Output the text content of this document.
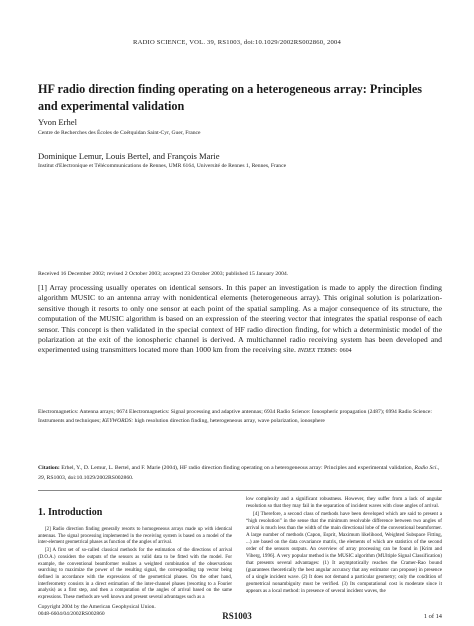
RADIO SCIENCE, VOL. 39, RS1003, doi:10.1029/2002RS002860, 2004
HF radio direction finding operating on a heterogeneous array: Principles and experimental validation
Yvon Erhel
Centre de Recherches des Écoles de Coëtquidan Saint-Cyr, Guer, France
Dominique Lemur, Louis Bertel, and François Marie
Institut d'Electronique et Télécommunications de Rennes, UMR 6164, Université de Rennes 1, Rennes, France
Received 16 December 2002; revised 2 October 2003; accepted 23 October 2003; published 15 January 2004.
[1] Array processing usually operates on identical sensors. In this paper an investigation is made to apply the direction finding algorithm MUSIC to an antenna array with nonidentical elements (heterogeneous array). This original solution is polarization-sensitive though it resorts to only one sensor at each point of the spatial sampling. As a major consequence of its structure, the computation of the MUSIC algorithm is based on an expression of the steering vector that integrates the spatial response of each sensor. This concept is then validated in the special context of HF radio direction finding, for which a deterministic model of the polarization at the exit of the ionospheric channel is derived. A multichannel radio receiving system has been developed and experimented using transmitters located more than 1000 km from the receiving site. INDEX TERMS: 0604
Electromagnetics: Antenna arrays; 0674 Electromagnetics: Signal processing and adaptive antennas; 6934 Radio Science: Ionospheric propagation (2487); 6994 Radio Science: Instruments and techniques; KEYWORDS: high resolution direction finding, heterogeneous array, wave polarization, ionosphere
Citation: Erhel, Y., D. Lemur, L. Bertel, and F. Marie (2004), HF radio direction finding operating on a heterogeneous array: Principles and experimental validation, Radio Sci., 39, RS1003, doi:10.1029/2002RS002860.
1. Introduction

[2] Radio direction finding generally resorts to homogeneous arrays made up with identical antennas. The signal processing implemented in the receiving system is based on a model of the inter-element geometrical phases as function of the angles of arrival.

[3] A first set of so-called classical methods for the estimation of the directions of arrival (D.O.A.) considers the outputs of the sensors as valid data to be fitted with the model. For example, the conventional beamformer realizes a weighted combination of the observations searching to maximize the power of the resulting signal, the corresponding tap vector being defined in accordance with the expressions of the geometrical phases. On the other hand, interferometry consists in a direct estimation of the inter-channel phases (resorting to a Fourier analysis) as a first step, and then a computation of the angles of arrival based on the same expressions. These methods are well known and present several advantages such as a

low complexity and a significant robustness. However, they suffer from a lack of angular resolution so that they may fail in the separation of incident waves with close angles of arrival.

[4] Therefore, a second class of methods have been developed which are said to present a “high resolution” in the sense that the minimum resolvable difference between two angles of arrival is much less than the width of the main directional lobe of the conventional beamformer. A large number of methods (Capon, Esprit, Maximum likelihood, Weighted Subspace Fitting, ...) are based on the data covariance matrix, the elements of which are statistics of the second order of the sensors outputs. An overview of array processing can be found in [Krim and Viberg, 1996]. A very popular method is the MUSIC algorithm (MUltiple Signal Classification) that presents several advantages: (1) It asymptotically reaches the Cramer-Rao bound (guarantees theoretically the best angular accuracy that any estimator can propose) in presence of a single incident wave. (2) It does not demand a particular geometry; only the condition of geometrical nonambiguity must be verified. (3) Its computational cost is moderate since it appears as a local method: in presence of several incident waves, the

Copyright 2004 by the American Geophysical Union.
0048-6604/04/2002RS002860	RS1003	1 of 14
